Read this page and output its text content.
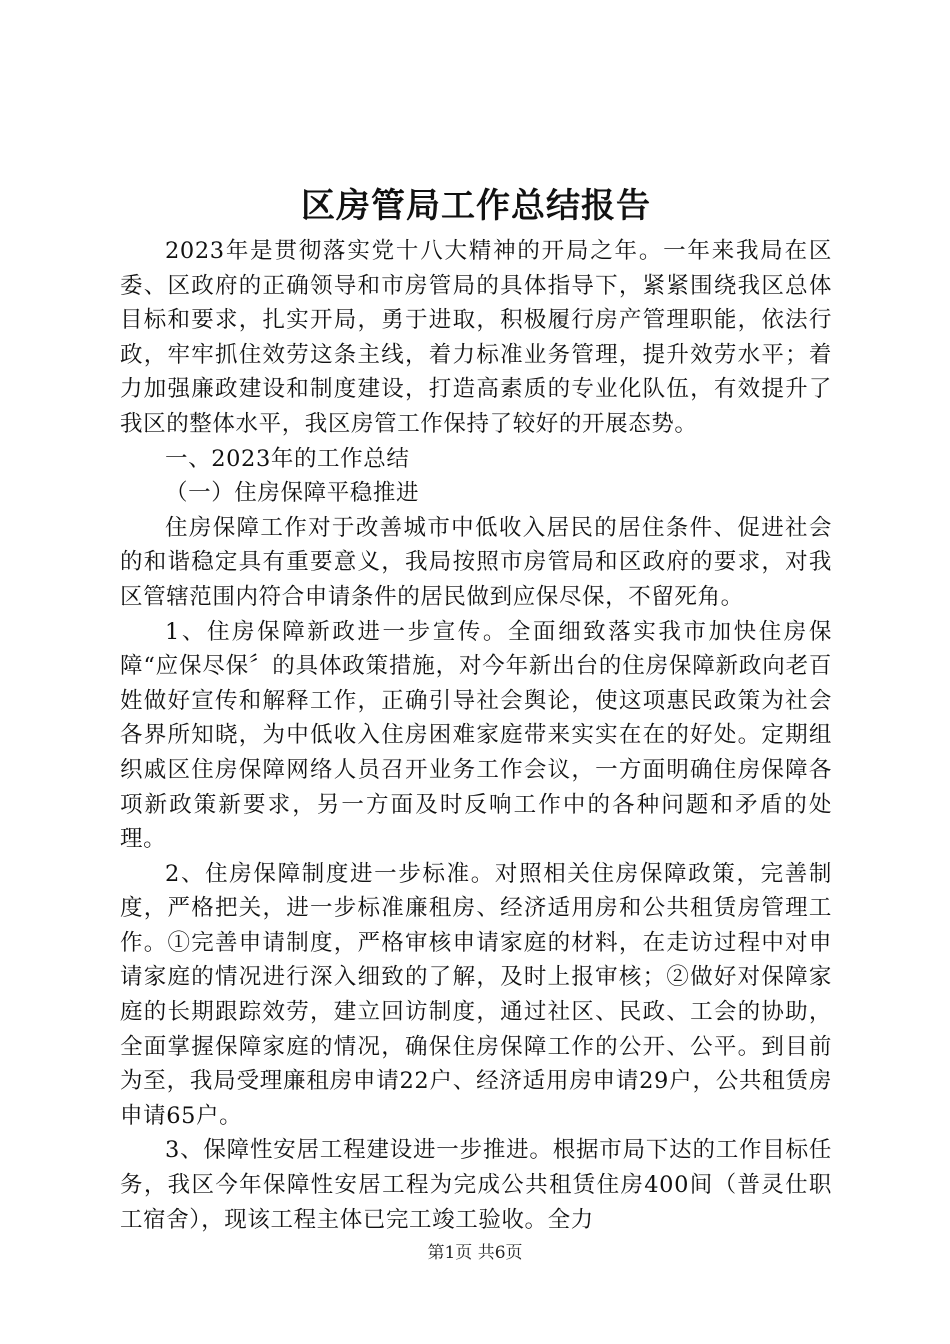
区房管局工作总结报告

2023年是贯彻落实党十八大精神的开局之年。一年来我局在区委、区政府的正确领导和市房管局的具体指导下，紧紧围绕我区总体目标和要求，扎实开局，勇于进取，积极履行房产管理职能，依法行政，牢牢抓住效劳这条主线，着力标准业务管理，提升效劳水平；着力加强廉政建设和制度建设，打造高素质的专业化队伍，有效提升了我区的整体水平，我区房管工作保持了较好的开展态势。

一、2023年的工作总结

（一）住房保障平稳推进

住房保障工作对于改善城市中低收入居民的居住条件、促进社会的和谐稳定具有重要意义，我局按照市房管局和区政府的要求，对我区管辖范围内符合申请条件的居民做到应保尽保，不留死角。

1、住房保障新政进一步宣传。全面细致落实我市加快住房保障“应保尽保〞的具体政策措施，对今年新出台的住房保障新政向老百姓做好宣传和解释工作，正确引导社会舆论，使这项惠民政策为社会各界所知晓，为中低收入住房困难家庭带来实实在在的好处。定期组织戚区住房保障网络人员召开业务工作会议，一方面明确住房保障各项新政策新要求，另一方面及时反响工作中的各种问题和矛盾的处理。

2、住房保障制度进一步标准。对照相关住房保障政策，完善制度，严格把关，进一步标准廉租房、经济适用房和公共租赁房管理工作。①完善申请制度，严格审核申请家庭的材料，在走访过程中对申请家庭的情况进行深入细致的了解，及时上报审核；②做好对保障家庭的长期跟踪效劳，建立回访制度，通过社区、民政、工会的协助，全面掌握保障家庭的情况，确保住房保障工作的公开、公平。到目前为至，我局受理廉租房申请22户、经济适用房申请29户，公共租赁房申请65户。

3、保障性安居工程建设进一步推进。根据市局下达的工作目标任务，我区今年保障性安居工程为完成公共租赁住房400间（普灵仕职工宿舍），现该工程主体已完工竣工验收。全力

第1页 共6页
